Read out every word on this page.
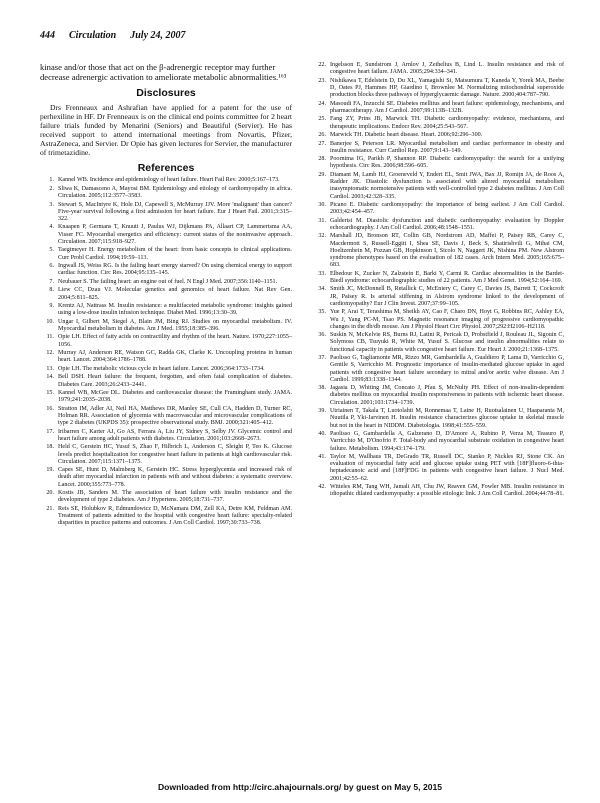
444 Circulation July 24, 2007

kinase and/or those that act on the β-adrenergic receptor may further decrease adrenergic activation to ameliorate metabolic abnormalities.¹⁶³

Disclosures

Drs Frenneaux and Ashrafian have applied for a patent for the use of perhexiline in HF. Dr Frenneaux is on the clinical end points committee for 2 heart failure trials funded by Menarini (Seniors) and Beautiful (Servier). He has received support to attend international meetings from Novartis, Pfizer, AstraZeneca, and Servier. Dr Opie has given lectures for Servier, the manufacturer of trimetazidine.

References
1. Kannel WB. Incidence and epidemiology of heart failure. Heart Fail Rev. 2000;5:167–173.
2. Sliwa K, Damasceno A, Mayosi BM. Epidemiology and etiology of cardiomyopathy in africa. Circulation. 2005;112:3577–3583.
3. Stewart S, MacIntyre K, Hole DJ, Capewell S, McMurray JJV. More 'malignant' than cancer? Five-year survival following a first admission for heart failure. Eur J Heart Fail. 2001;3:315–322.
4. Knaapen P, Germans T, Knuuti J, Paulus WJ, Dijkmans PA, Allaart CP, Lammertsma AA, Visser FC. Myocardial energetics and efficiency: current status of the noninvasive approach. Circulation. 2007;115:918–927.
5. Taegtmeyer H. Energy metabolism of the heart: from basic concepts to clinical applications. Curr Probl Cardiol. 1994;19:59–113.
6. Ingwall JS, Weiss RG. Is the failing heart energy starved? On using chemical energy to support cardiac function. Circ Res. 2004;95:135–145.
7. Neubauer S. The failing heart: an engine out of fuel. N Engl J Med. 2007;356:1140–1151.
8. Liew CC, Dzau VJ. Molecular genetics and genomics of heart failure. Nat Rev Gen. 2004;5:811–825.
9. Krentz AJ, Nattrass M. Insulin resistance: a multifaceted metabolic syndrome: insights gained using a low-dose insulin infusion technique. Diabet Med. 1996;13:30–39.
10. Ungar I, Gilbert M, Siegel A, Blain JM, Bing RJ. Studies on myocardial metabolism. IV. Myocardial metabolism in diabetes. Am J Med. 1955;18:385–396.
11. Opie LH. Effect of fatty acids on contractility and rhythm of the heart. Nature. 1970;227:1055–1056.
12. Murray AJ, Anderson RE, Watson GC, Radda GK, Clarke K. Uncoupling proteins in human heart. Lancet. 2004;364:1786–1788.
13. Opie LH. The metabolic vicious cycle in heart failure. Lancet. 2006;364:1733–1734.
14. Bell DSH. Heart failure: the frequent, forgotten, and often fatal complication of diabetes. Diabetes Care. 2003;26:2433–2441.
15. Kannel WB, McGee DL. Diabetes and cardiovascular disease: the Framingham study. JAMA. 1979;241:2035–2038.
16. Stratton IM, Adler AI, Neil HA, Matthews DR, Manley SE, Cull CA, Hadden D, Turner RC, Holman RR. Association of glycemia with macrovascular and microvascular complications of type 2 diabetes (UKPDS 35): prospective observational study. BMJ. 2000;321:405–412.
17. Iribarren C, Karter AJ, Go AS, Ferrara A, Liu JY, Sidney S, Selby JV. Glycemic control and heart failure among adult patients with diabetes. Circulation. 2001;103:2668–2673.
18. Held C, Gerstein HC, Yusuf S, Zhao F, Hilbrich L, Anderson C, Sleight P, Teo K. Glucose levels predict hospitalization for congestive heart failure in patients at high cardiovascular risk. Circulation. 2007;115:1371–1375.
19. Capes SE, Hunt D, Malmberg K, Gerstein HC. Stress hyperglycemia and increased risk of death after myocardial infarction in patients with and without diabetes: a systematic overview. Lancet. 2000;355:773–778.
20. Kostis JB, Sanders M. The association of heart failure with insulin resistance and the development of type 2 diabetes. Am J Hypertens. 2005;18:731–737.
21. Reis SE, Holubkov R, Edmundowicz D, McNamara DM, Zell KA, Detre KM, Feldman AM. Treatment of patients admitted to the hospital with congestive heart failure: specialty-related disparities in practice patterns and outcomes. J Am Coll Cardiol. 1997;30:733–738.
22. Ingelsson E, Sundstrom J, Arnlov J, Zethelius B, Lind L. Insulin resistance and risk of congestive heart failure. JAMA. 2005;294:334–341.
23. Nishikawa T, Edelstein D, Du XL, Yamagishi Si, Matsumura T, Kaneda Y, Yorek MA, Beebe D, Oates PJ, Hammes HP, Giardino I, Brownlee M. Normalizing mitochondrial superoxide production blocks three pathways of hyperglycaemic damage. Nature. 2000;404:787–790.
24. Masoudi FA, Inzucchi SE. Diabetes mellitus and heart failure: epidemiology, mechanisms, and pharmacotherapy. Am J Cardiol. 2007;99:113B–132B.
25. Fang ZY, Prins JB, Marwick TH. Diabetic cardiomyopathy: evidence, mechanisms, and therapeutic implications. Endocr Rev. 2004;25:543–567.
26. Marwick TH. Diabetic heart disease. Heart. 2006;92:296–300.
27. Banerjee S, Peterson LR. Myocardial metabolism and cardiac performance in obesity and insulin resistance. Curr Cardiol Rep. 2007;9:143–149.
28. Poornima IG, Parikh P, Shannon RP. Diabetic cardiomyopathy: the search for a unifying hypothesis. Circ Res. 2006;98:596–605.
29. Diamant M, Lamb HJ, Groeneveld Y, Endert EL, Smit JWA, Bax JJ, Romijn JA, de Roos A, Radder JK. Diastolic dysfunction is associated with altered myocardial metabolism inasymptomatic normotensive patients with well-controlled type 2 diabetes mellitus. J Am Coll Cardiol. 2003;42:328–335.
30. Picano E. Diabetic cardiomyopathy: the importance of being earliest. J Am Coll Cardiol. 2003;42:454–457.
31. Galderisi M. Diastolic dysfunction and diabetic cardiomyopathy: evaluation by Doppler echocardiography. J Am Coll Cardiol. 2006;48:1548–1551.
32. Marshall JD, Bronson RT, Collin GB, Nordstrom AD, Maffei P, Paisey RB, Carey C, Macdermott S, Russell-Eggitt I, Shea SE, Davis J, Beck S, Shatirishvili G, Mihai CM, Hoeltzenbein M, Pozzan GB, Hopkinson I, Sicolo N, Naggert JK, Nishina PM. New Alstrom syndrome phenotypes based on the evaluation of 182 cases. Arch Intern Med. 2005;165:675–683.
33. Elbedour K, Zucker N, Zalzstein E, Barki Y, Carmi R. Cardiac abnormalities in the Bardet-Biedl syndrome: echocardiographic studies of 22 patients. Am J Med Genet. 1994;52:164–169.
34. Smith JC, McDonnell B, Retallick C, McEniery C, Carey C, Davies JS, Barrett T, Cockcroft JR, Paisey R. Is arterial stiffening in Alstrom syndrome linked to the development of cardiomyopathy? Eur J Clin Invest. 2007;37:99–105.
35. Yue P, Arai T, Terashima M, Sheikh AY, Cao F, Charo DN, Hoyt G, Robbins RC, Ashley EA, Wu J, Yang PC-M, Tsao PS. Magnetic resonance imaging of progressive cardiomyopathic changes in the db/db mouse. Am J Physiol Heart Circ Physiol. 2007;292:H2106–H2118.
36. Suskin N, McKelvie RS, Burns RJ, Latini R, Pericak D, Probstfield J, Rouleau JL, Sigouin C, Solymoss CB, Tsuyuki R, White M, Yusuf S. Glucose and insulin abnormalities relate to functional capacity in patients with congestive heart failure. Eur Heart J. 2000;21:1368–1375.
37. Paolisso G, Tagliamonte MR, Rizzo MR, Gambardella A, Gualdiero P, Lama D, Varricchio G, Gentile S, Varricchio M. Prognostic importance of insulin-mediated glucose uptake in aged patients with congestive heart failure secondary to mitral and/or aortic valve disease. Am J Cardiol. 1999;83:1338–1344.
38. Jagasia D, Whiting JM, Concato J, Pfau S, McNulty PH. Effect of non-insulin-dependent diabetes mellitus on myocardial insulin responsiveness in patients with ischemic heart disease. Circulation. 2001;103:1734–1739.
39. Utriainen T, Takala T, Luotolahti M, Ronnemaa T, Laine H, Ruotsalainen U, Haaparanta M, Nuutila P, Yki-Jarvinen H. Insulin resistance characterizes glucose uptake in skeletal muscle but not in the heart in NIDDM. Diabetologia. 1998;41:555–559.
40. Paolisso G, Gambardella A, Galzerano D, D'Amore A, Rubino P, Verza M, Teasuro P, Varricchio M, D'Onofrio F. Total-body and myocardial substrate oxidation in congestive heart failure. Metabolism. 1994;43:174–179.
41. Taylor M, Wallhaus TR, DeGrado TR, Russell DC, Stanko P, Nickles RJ, Stone CK. An evaluation of myocardial fatty acid and glucose uptake using PET with [18F]fluoro-6-thia-heptadecanoic acid and [18F]FDG in patients with congestive heart failure. J Nucl Med. 2001;42:55–62.
42. Witteles RM, Tang WH, Jamali AH, Chu JW, Reaven GM, Fowler MB. Insulin resistance in idiopathic dilated cardiomyopathy: a possible etiologic link. J Am Coll Cardiol. 2004;44:78–81.
Downloaded from http://circ.ahajournals.org/ by guest on May 5, 2015
